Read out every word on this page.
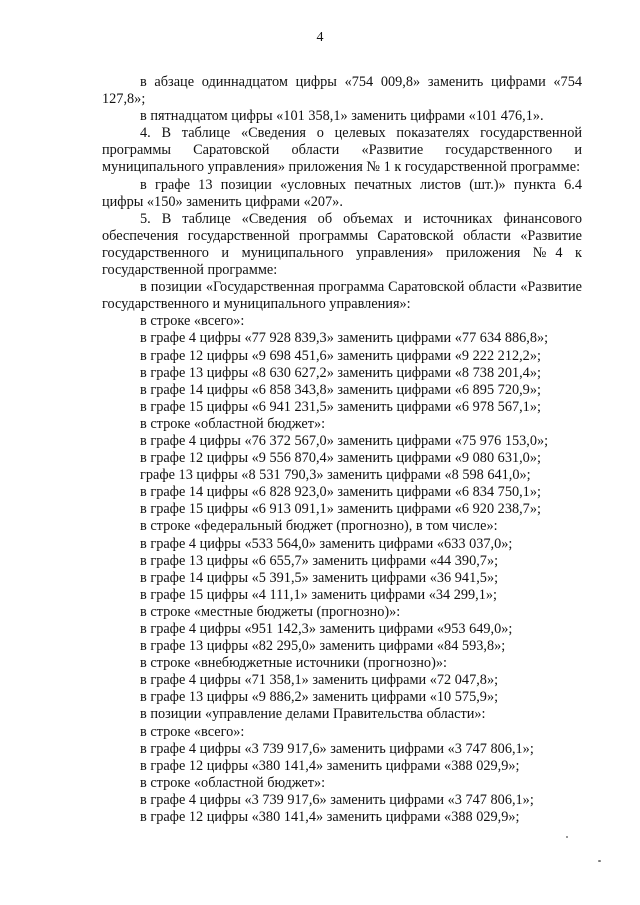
4

в абзаце одиннадцатом цифры «754 009,8» заменить цифрами «754 127,8»;

в пятнадцатом цифры «101 358,1» заменить цифрами «101 476,1».

4. В таблице «Сведения о целевых показателях государственной программы Саратовской области «Развитие государственного и муниципального управления» приложения № 1 к государственной программе:

в графе 13 позиции «условных печатных листов (шт.)» пункта 6.4 цифры «150» заменить цифрами «207».

5. В таблице «Сведения об объемах и источниках финансового обеспечения государственной программы Саратовской области «Развитие государственного и муниципального управления» приложения №4 к государственной программе:

в позиции «Государственная программа Саратовской области «Развитие государственного и муниципального управления»:

в строке «всего»:
в графе 4 цифры «77 928 839,3» заменить цифрами «77 634 886,8»;
в графе 12 цифры «9 698 451,6» заменить цифрами «9 222 212,2»;
в графе 13 цифры «8 630 627,2» заменить цифрами «8 738 201,4»;
в графе 14 цифры «6 858 343,8» заменить цифрами «6 895 720,9»;
в графе 15 цифры «6 941 231,5» заменить цифрами «6 978 567,1»;
в строке «областной бюджет»:
в графе 4 цифры «76 372 567,0» заменить цифрами «75 976 153,0»;
в графе 12 цифры «9 556 870,4» заменить цифрами «9 080 631,0»;
графе 13 цифры «8 531 790,3» заменить цифрами «8 598 641,0»;
в графе 14 цифры «6 828 923,0» заменить цифрами «6 834 750,1»;
в графе 15 цифры «6 913 091,1» заменить цифрами «6 920 238,7»;
в строке «федеральный бюджет (прогнозно), в том числе»:
в графе 4 цифры «533 564,0» заменить цифрами «633 037,0»;
в графе 13 цифры «6 655,7» заменить цифрами «44 390,7»;
в графе 14 цифры «5 391,5» заменить цифрами «36 941,5»;
в графе 15 цифры «4 111,1» заменить цифрами «34 299,1»;
в строке «местные бюджеты (прогнозно)»:
в графе 4 цифры «951 142,3» заменить цифрами «953 649,0»;
в графе 13 цифры «82 295,0» заменить цифрами «84 593,8»;
в строке «внебюджетные источники (прогнозно)»:
в графе 4 цифры «71 358,1» заменить цифрами «72 047,8»;
в графе 13 цифры «9 886,2» заменить цифрами «10 575,9»;
в позиции «управление делами Правительства области»:
в строке «всего»:
в графе 4 цифры «3 739 917,6» заменить цифрами «3 747 806,1»;
в графе 12 цифры «380 141,4» заменить цифрами «388 029,9»;
в строке «областной бюджет»:
в графе 4 цифры «3 739 917,6» заменить цифрами «3 747 806,1»;
в графе 12 цифры «380 141,4» заменить цифрами «388 029,9»;
